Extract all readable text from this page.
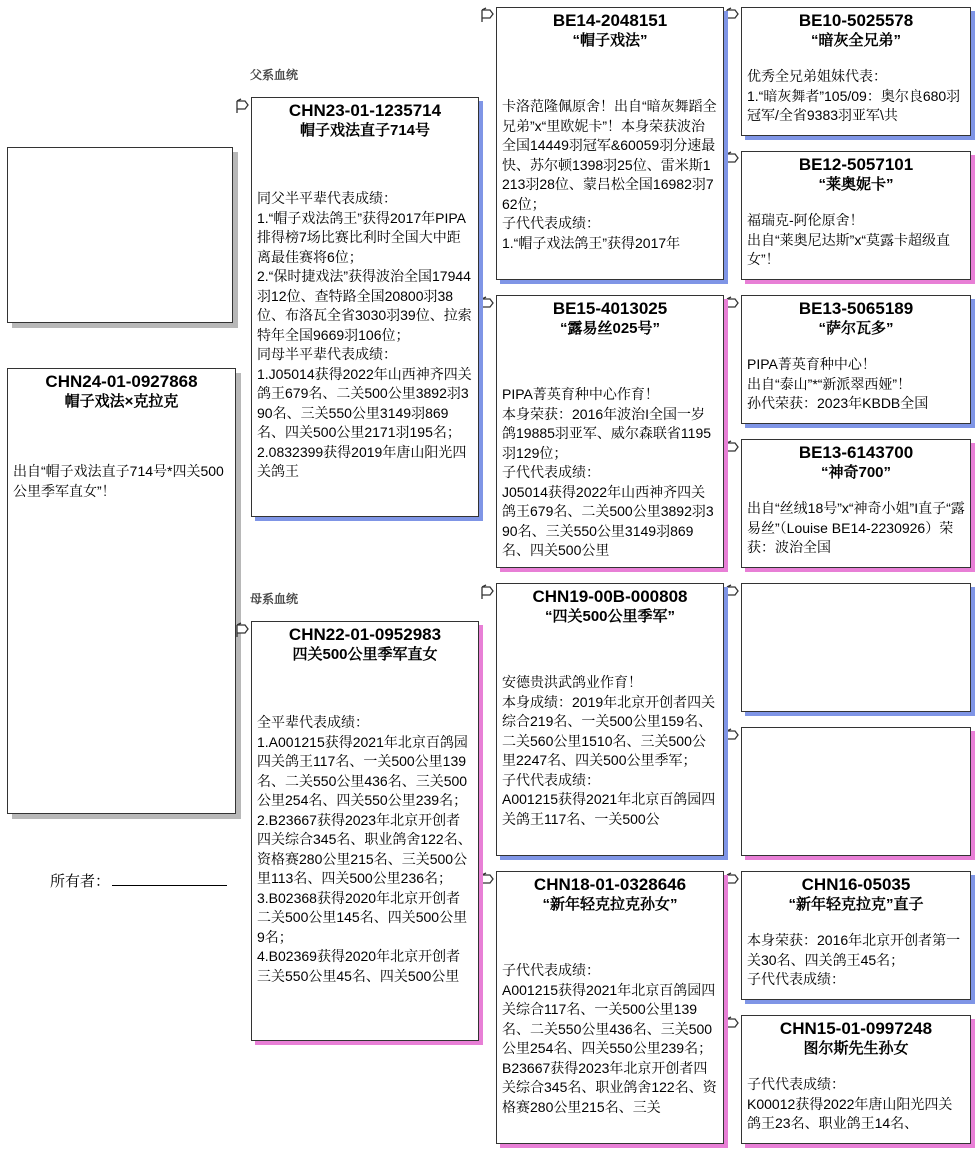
CHN24-01-0927868
帽子戏法×克拉克
出自“帽子戏法直子714号*四关500公里季军直女”！
所有者：
父系血统
母系血统
CHN23-01-1235714
帽子戏法直子714号
同父半平辈代表成绩：
1.“帽子戏法鸽王”获得2017年PIPA排得榜7场比赛比利时全国大中距离最佳赛将6位；
2.“保时捷戏法”获得波治全国17944羽12位、查特路全国20800羽38位、布洛瓦全省3030羽39位、拉索特年全国9669羽106位；
同母半平辈代表成绩：
1.J05014获得2022年山西神齐四关鸽王679名、二关500公里3892羽390名、三关550公里3149羽869名、四关500公里2171羽195名；
2.0832399获得2019年唐山阳光四关鸽王
CHN22-01-0952983
四关500公里季军直女
全平辈代表成绩：
1.A001215获得2021年北京百鸽园四关鸽王117名、一关500公里139名、二关550公里436名、三关500公里254名、四关550公里239名；
2.B23667获得2023年北京开创者四关综合345名、职业鸽舍122名、资格赛280公里215名、三关500公里113名、四关500公里236名；
3.B02368获得2020年北京开创者二关500公里145名、四关500公里9名；
4.B02369获得2020年北京开创者三关550公里45名、四关500公里
BE14-2048151
“帽子戏法”
卡洛范隆佩原舍！出自“暗灰舞蹈全兄弟”x“里欧妮卡”！本身荣获波治全国14449羽冠军&60059羽分速最快、苏尔顿1398羽25位、雷米斯1213羽28位、蒙吕松全国16982羽762位；
子代代表成绩：
1.“帽子戏法鸽王”获得2017年
BE15-4013025
“露易丝025号”
PIPA菁英育种中心作育！
本身荣获：2016年波治I全国一岁鸽19885羽亚军、威尔森联省1195羽129位；
子代代表成绩：
J05014获得2022年山西神齐四关鸽王679名、二关500公里3892羽390名、三关550公里3149羽869名、四关500公里
CHN19-00B-000808
“四关500公里季军”
安德贵洪武鸽业作育！
本身成绩：2019年北京开创者四关综合219名、一关500公里159名、二关560公里1510名、三关500公里2247名、四关500公里季军；
子代代表成绩：
A001215获得2021年北京百鸽园四关鸽王117名、一关500公
CHN18-01-0328646
“新年轻克拉克孙女”
子代代表成绩：
A001215获得2021年北京百鸽园四关综合117名、一关500公里139名、二关550公里436名、三关500公里254名、四关550公里239名；
B23667获得2023年北京开创者四关综合345名、职业鸽舍122名、资格赛280公里215名、三关
BE10-5025578
“暗灰全兄弟”
优秀全兄弟姐妹代表：
1.“暗灰舞者”105/09：奥尔良680羽冠军/全省9383羽亚军\共
BE12-5057101
“莱奥妮卡”
福瑞克-阿伦原舍！
出自“莱奥尼达斯”x“莫露卡超级直女”！
BE13-5065189
“萨尔瓦多”
PIPA菁英育种中心！
出自“泰山”*“新派翠西娅”！
孙代荣获：2023年KBDB全国
BE13-6143700
“神奇700”
出自“丝绒18号”x“神奇小姐”I直子“露易丝”（Louise BE14-2230926）荣获：波治全国
CHN16-05035
“新年轻克拉克”直子
本身荣获：2016年北京开创者第一关30名、四关鸽王45名；
子代代表成绩：
CHN15-01-0997248
图尔斯先生孙女
子代代表成绩：
K00012获得2022年唐山阳光四关鸽王23名、职业鸽王14名、
